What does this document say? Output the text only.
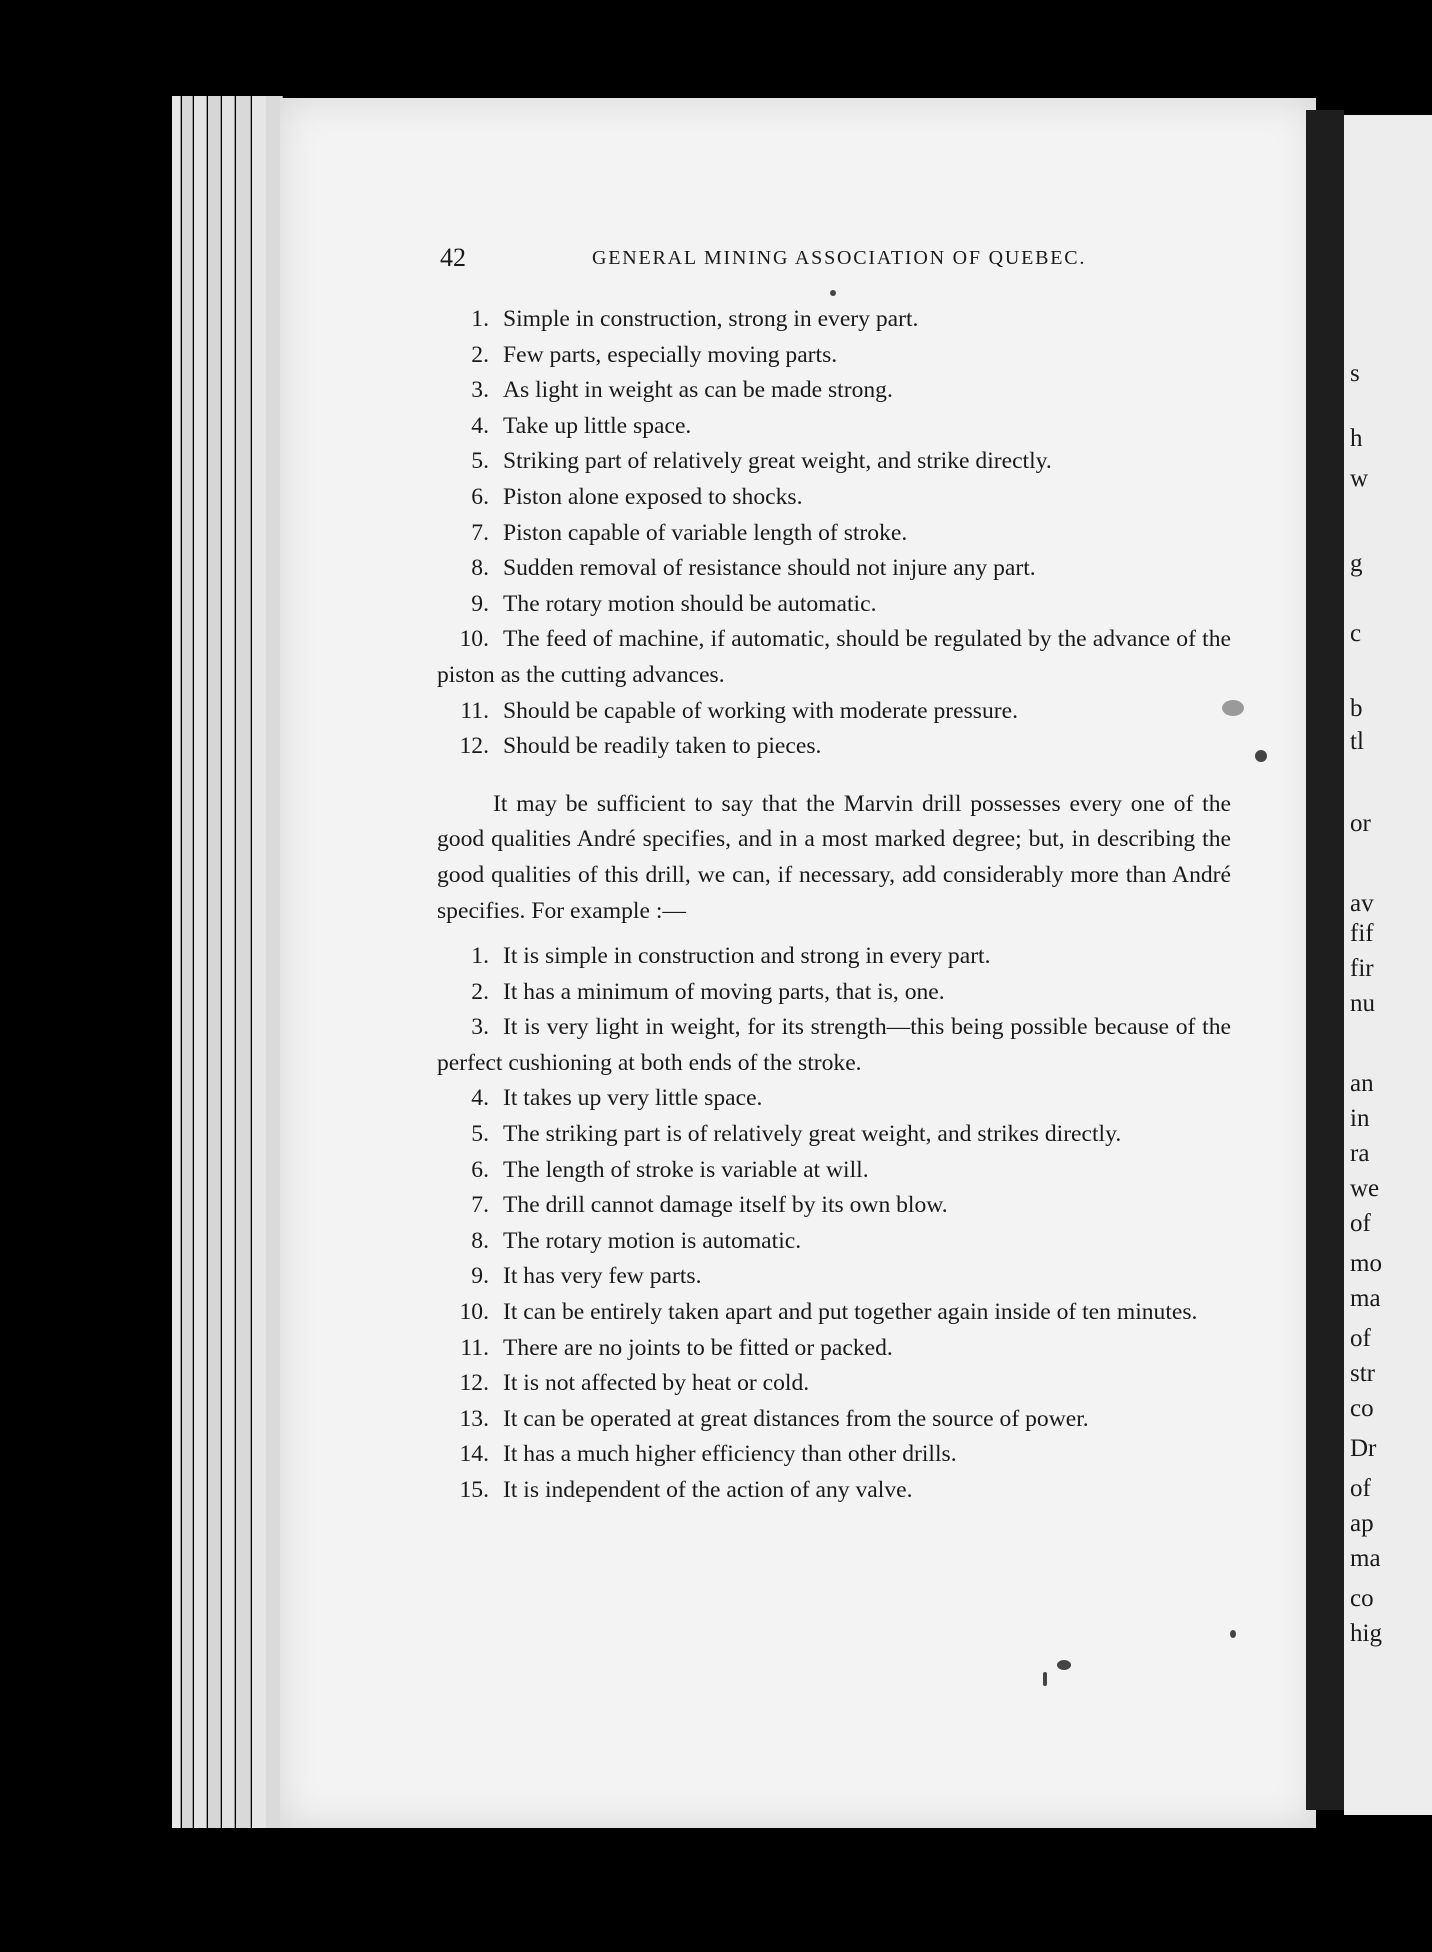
s
h
w
g
c
b
tl
or
av
fif
fir
nu
an
in
ra
we
of
mo
ma
of
str
co
Dr
of
ap
ma
co
hig
42	GENERAL MINING ASSOCIATION OF QUEBEC.
1. Simple in construction, strong in every part.
2. Few parts, especially moving parts.
3. As light in weight as can be made strong.
4. Take up little space.
5. Striking part of relatively great weight, and strike directly.
6. Piston alone exposed to shocks.
7. Piston capable of variable length of stroke.
8. Sudden removal of resistance should not injure any part.
9. The rotary motion should be automatic.
10. The feed of machine, if automatic, should be regulated by the advance of the piston as the cutting advances.
11. Should be capable of working with moderate pressure.
12. Should be readily taken to pieces.
It may be sufficient to say that the Marvin drill possesses every one of the good qualities André specifies, and in a most marked degree; but, in describing the good qualities of this drill, we can, if necessary, add considerably more than André specifies. For example :—
1. It is simple in construction and strong in every part.
2. It has a minimum of moving parts, that is, one.
3. It is very light in weight, for its strength—this being possible because of the perfect cushioning at both ends of the stroke.
4. It takes up very little space.
5. The striking part is of relatively great weight, and strikes directly.
6. The length of stroke is variable at will.
7. The drill cannot damage itself by its own blow.
8. The rotary motion is automatic.
9. It has very few parts.
10. It can be entirely taken apart and put together again inside of ten minutes.
11. There are no joints to be fitted or packed.
12. It is not affected by heat or cold.
13. It can be operated at great distances from the source of power.
14. It has a much higher efficiency than other drills.
15. It is independent of the action of any valve.
